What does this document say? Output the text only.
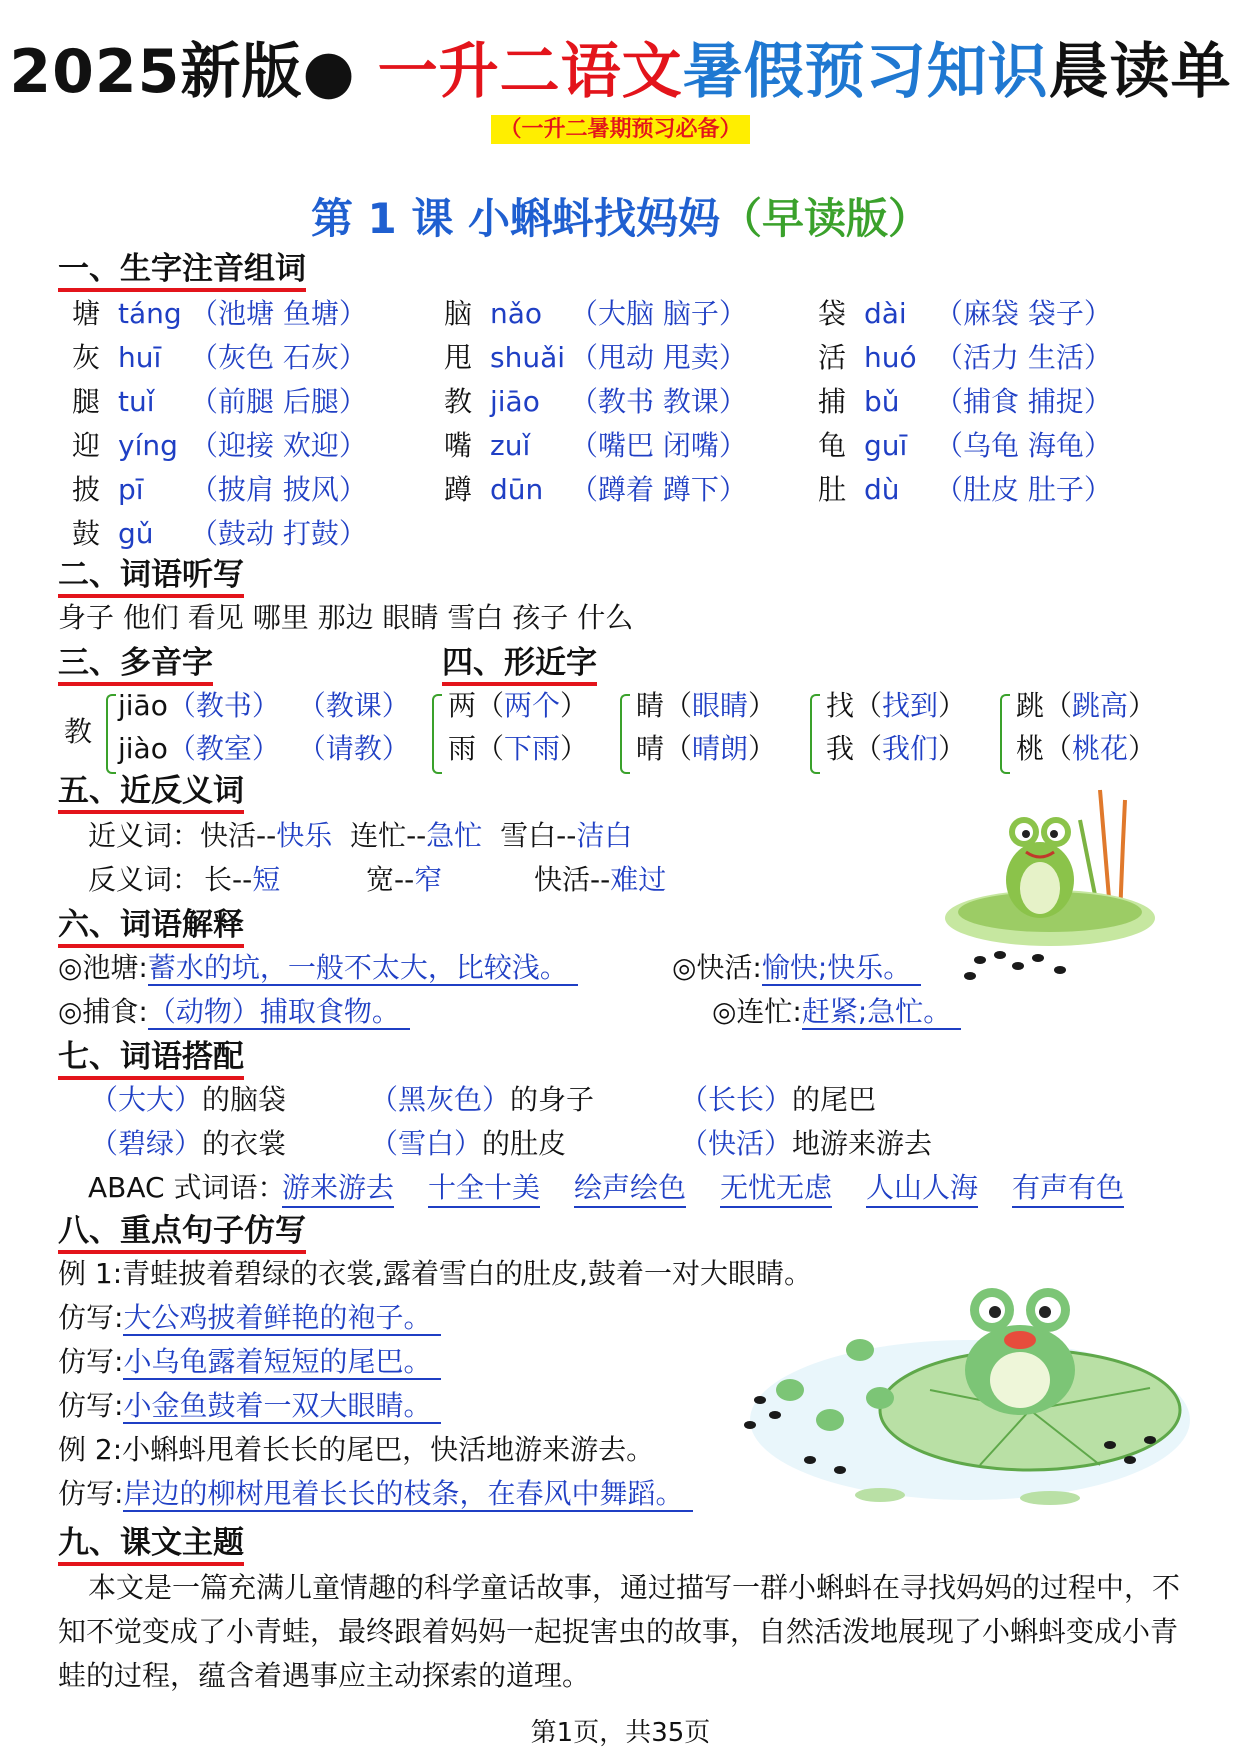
2025新版● 一升二语文暑假预习知识晨读单
（一升二暑期预习必备）
第 1 课 小蝌蚪找妈妈（早读版）
一、生字注音组词
塘 táng （池塘 鱼塘）	脑 nǎo （大脑 脑子）	袋 dài （麻袋 袋子）
灰 huī （灰色 石灰）	甩 shuǎi （甩动 甩卖）	活 huó （活力 生活）
腿 tuǐ （前腿 后腿）	教 jiāo （教书 教课）	捕 bǔ （捕食 捕捉）
迎 yíng （迎接 欢迎）	嘴 zuǐ （嘴巴 闭嘴）	龟 guī （乌龟 海龟）
披 pī （披肩 披风）	蹲 dūn （蹲着 蹲下）	肚 dù （肚皮 肚子）
鼓 gǔ （鼓动 打鼓）
二、词语听写
身子 他们 看见 哪里 那边 眼睛 雪白 孩子 什么
三、多音字	四、形近字
教
jiāo（教书） （教课）
jiào（教室） （请教）
两（两个）
雨（下雨）
睛（眼睛）
晴（晴朗）
找（找到）
我（我们）
跳（跳高）
桃（桃花）
五、近反义词
近义词：快活--快乐 连忙--急忙 雪白--洁白
反义词： 长--短	宽--窄	快活--难过
六、词语解释
◎池塘:蓄水的坑，一般不太大，比较浅。	◎快活:愉快;快乐。
◎捕食:（动物）捕取食物。	◎连忙:赶紧;急忙。
七、词语搭配
（大大）的脑袋	（黑灰色）的身子	（长长）的尾巴
（碧绿）的衣裳	（雪白）的肚皮	（快活）地游来游去
ABAC 式词语：
游来游去 十全十美 绘声绘色 无忧无虑 人山人海 有声有色
八、重点句子仿写
例 1:青蛙披着碧绿的衣裳,露着雪白的肚皮,鼓着一对大眼睛。
仿写:大公鸡披着鲜艳的袍子。
仿写:小乌龟露着短短的尾巴。
仿写:小金鱼鼓着一双大眼睛。
例 2:小蝌蚪甩着长长的尾巴，快活地游来游去。
仿写:岸边的柳树甩着长长的枝条，在春风中舞蹈。
九、课文主题
本文是一篇充满儿童情趣的科学童话故事，通过描写一群小蝌蚪在寻找妈妈的过程中，不知不觉变成了小青蛙，最终跟着妈妈一起捉害虫的故事，自然活泼地展现了小蝌蚪变成小青蛙的过程，蕴含着遇事应主动探索的道理。
第1页，共35页
